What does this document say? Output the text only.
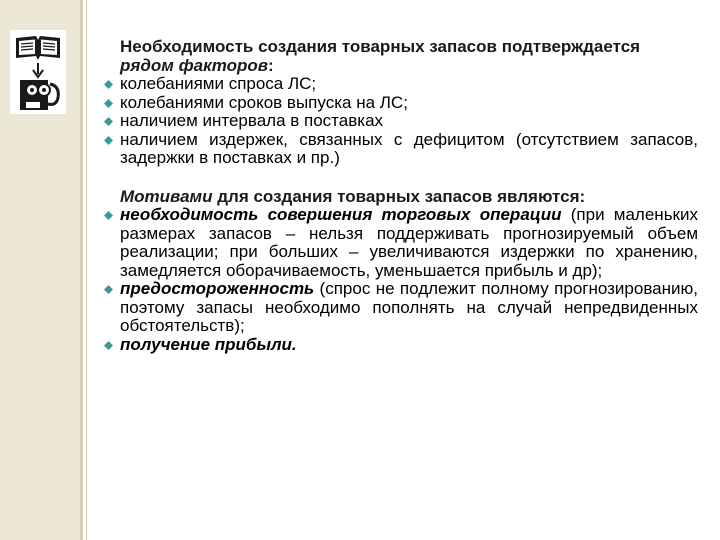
Необходимость создания товарных запасов подтверждается рядом факторов:
колебаниями спроса ЛС;
колебаниями сроков выпуска на ЛС;
наличием интервала в поставках
наличием издержек, связанных с дефицитом (отсутствием запасов, задержки в поставках и пр.)
Мотивами для создания товарных запасов являются:
необходимость совершения торговых операции (при маленьких размерах запасов – нельзя поддерживать прогнозируемый объем реализации; при больших – увеличиваются издержки по хранению, замедляется оборачиваемость, уменьшается прибыль и др);
предостороженность (спрос не подлежит полному прогнозированию, поэтому запасы необходимо пополнять на случай непредвиденных обстоятельств);
получение прибыли.
